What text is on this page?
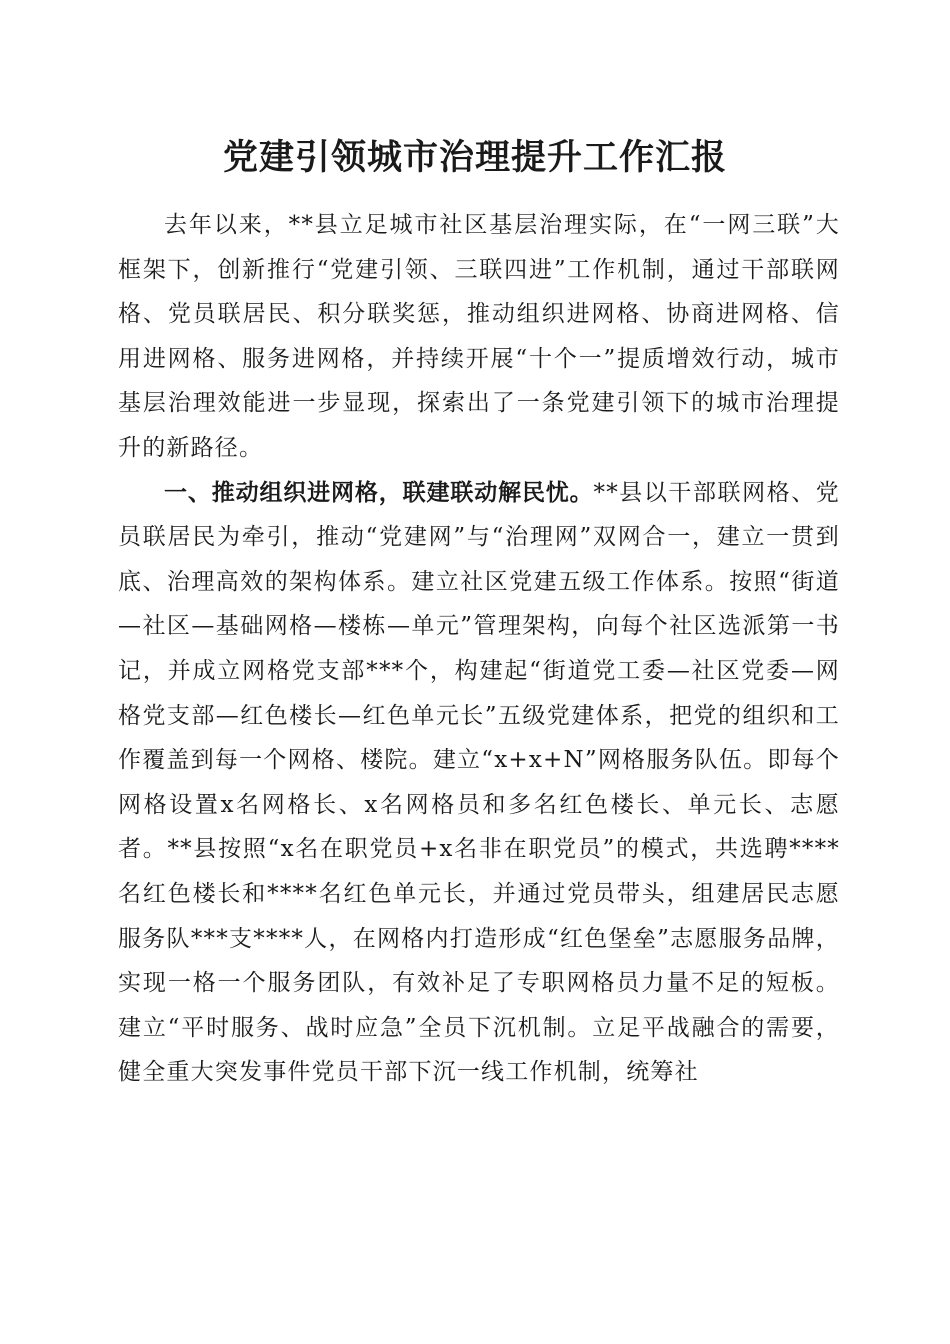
党建引领城市治理提升工作汇报

去年以来，**县立足城市社区基层治理实际，在“一网三联”大框架下，创新推行“党建引领、三联四进”工作机制，通过干部联网格、党员联居民、积分联奖惩，推动组织进网格、协商进网格、信用进网格、服务进网格，并持续开展“十个一”提质增效行动，城市基层治理效能进一步显现，探索出了一条党建引领下的城市治理提升的新路径。

一、推动组织进网格，联建联动解民忧。**县以干部联网格、党员联居民为牵引，推动“党建网”与“治理网”双网合一，建立一贯到底、治理高效的架构体系。建立社区党建五级工作体系。按照“街道—社区—基础网格—楼栋—单元”管理架构，向每个社区选派第一书记，并成立网格党支部***个，构建起“街道党工委—社区党委—网格党支部—红色楼长—红色单元长”五级党建体系，把党的组织和工作覆盖到每一个网格、楼院。建立“x+x+N”网格服务队伍。即每个网格设置x名网格长、x名网格员和多名红色楼长、单元长、志愿者。**县按照“x名在职党员+x名非在职党员”的模式，共选聘****名红色楼长和****名红色单元长，并通过党员带头，组建居民志愿服务队***支****人，在网格内打造形成“红色堡垒”志愿服务品牌，实现一格一个服务团队，有效补足了专职网格员力量不足的短板。建立“平时服务、战时应急”全员下沉机制。立足平战融合的需要，健全重大突发事件党员干部下沉一线工作机制，统筹社
